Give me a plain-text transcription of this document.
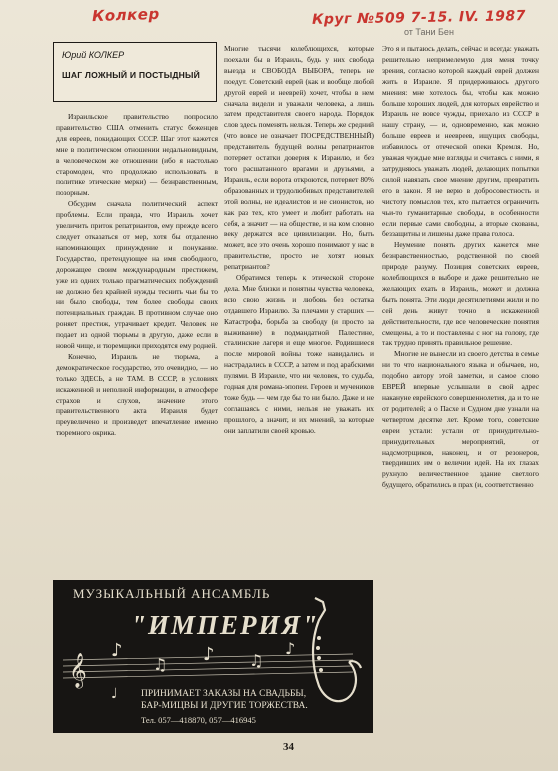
Колкер	Круг №509 7-15. IV. 1987
от Тани Бен
Юрий КОЛКЕР
ШАГ ЛОЖНЫЙ И ПОСТЫДНЫЙ

Израильское правительство попросило правительство США отменить статус беженцев для евреев, покидающих СССР. Шаг этот кажется мне в политическом отношении недальновидным, в человеческом же отношении (ибо я настолько старомоден, что продолжаю использовать в политике этические мерки) — безнравственным, позорным.

Обсудим сначала политический аспект проблемы. Если правда, что Израиль хочет увеличить приток репатриантов, ему прежде всего следует отказаться от мер, хотя бы отдаленно напоминающих принуждение и понукание. Государство, претендующее на имя свободного, дорожащее своим международным престижем, уже из одних только прагматических побуждений не должно без крайней нужды теснить чьи бы то ни было свободы, тем более свободы своих потенциальных граждан. В противном случае оно роняет престиж, утрачивает кредит. Человек не подает из одной тюрьмы в другую, даже если в новой чище, и тюремщики приходятся ему родней.

Конечно, Израиль не тюрьма, а демократическое государство, это очевидно, — но только ЗДЕСЬ, а не ТАМ. В СССР, в условиях искаженной и неполной информации, в атмосфере страхов и слухов, значение этого правительственного акта Израиля будет преувеличено и произведет впечатление именно тюремного окрика.

Многие тысячи колеблющихся, которые поехали бы в Израиль, будь у них свобода выезда и СВОБОДА ВЫБОРА, теперь не поедут. Советский еврей (как и вообще любой другой еврей и нееврей) хочет, чтобы в нем сначала видели и уважали человека, а лишь затем представителя своего народа. Порядок слов здесь поменять нельзя. Теперь же средний (что вовсе не означает ПОСРЕДСТВЕННЫЙ) представитель будущей волны репатриантов потеряет остатки доверия к Израилю, и без того расшатанного врагами и друзьями, а Израиль, если ворота откроются, потеряет 80% образованных и трудолюбивых представителей этой волны, не идеалистов и не сионистов, но как раз тех, кто умеет и любит работать на себя, а значит — на обществе, и на ком словно веку держатся все цивилизации. Но, быть может, все это очень хорошо понимают у нас в правительстве, просто не хотят новых репатриантов?

Обратимся теперь к этической стороне дела. Мне близки и понятны чувства человека, всю свою жизнь и любовь без остатка отдавшего Израилю. За плечами у старших — Катастрофа, борьба за свободу (и просто за выживание) в подмандатной Палестине, сталинские лагеря и еще многое. Родившиеся после мировой войны тоже навидались и настрадались в СССР, а затем и под арабскими пулями. В Израиле, что ни человек, то судьба, годная для романа-эпопеи. Героев и мучеников тоже будь — чем где бы то ни было. Даже и не соглашаясь с ними, нельзя не уважать их прошлого, а значит, и их мнений, за которые они заплатили своей кровью.

Это я и пытаюсь делать, сейчас и всегда: уважать решительно непримелемую для меня точку зрения, согласно которой каждый еврей должен жить в Израиле. Я придерживаюсь другого мнения: мне хотелось бы, чтобы как можно больше хороших людей, для которых еврейство и Израиль не вовсе чужды, приехало из СССР в нашу страну, — и, одновременно, как можно больше евреев и неевреев, ищущих свободы, избавилось от отеческой опеки Кремля. Но, уважая чуждые мне взгляды и считаясь с ними, я затрудняюсь уважать людей, делающих попытки силой навязать свое мнение другим, превратить его в закон. Я не верю в добросовестность и чистоту помыслов тех, кто пытается ограничить чьи-то гуманитарные свободы, в особенности если первые сами свободны, а вторые скованы, беззащитны и лишены даже права голоса.

Неумение понять других кажется мне безнравственностью, родственной по своей природе разуму. Позиция советских евреев, колеблющихся в выборе и даже решительно не желающих ехать в Израиль, может и должна быть понята. Эти люди десятилетиями жили и по сей день живут точно в искаженной действительности, где все человеческие понятия смещены, а то и поставлены с ног на голову, где так трудно принять правильное решение.

Многие не вынесли из своего детства в семье ни то что национального языка и обычаев, но, подобно автору этой заметки, и самое слово ЕВРЕЙ впервые услышали в свой адрес накануне еврейского совершеннолетия, да и то не от родителей; а о Пасхе и Судном дне узнали на четвертом десятке лет. Кроме того, советские евреи устали: устали от принудительно-принудительных мероприятий, от надсмотрщиков, наконец, и от резонеров, твердивших им о величии идей. На их глазах рухнуло величественное здание светлого будущего, обратились в прах (и, соответственно

𝄞
♪
♫ ♪ ♫
♪
♩
МУЗЫКАЛЬНЫЙ АНСАМБЛЬ
"ИМПЕРИЯ"
ПРИНИМАЕТ ЗАКАЗЫ НА СВАДЬБЫ,
БАР-МИЦВЫ И ДРУГИЕ ТОРЖЕСТВА.
Тел. 057—418870, 057—416945
34
